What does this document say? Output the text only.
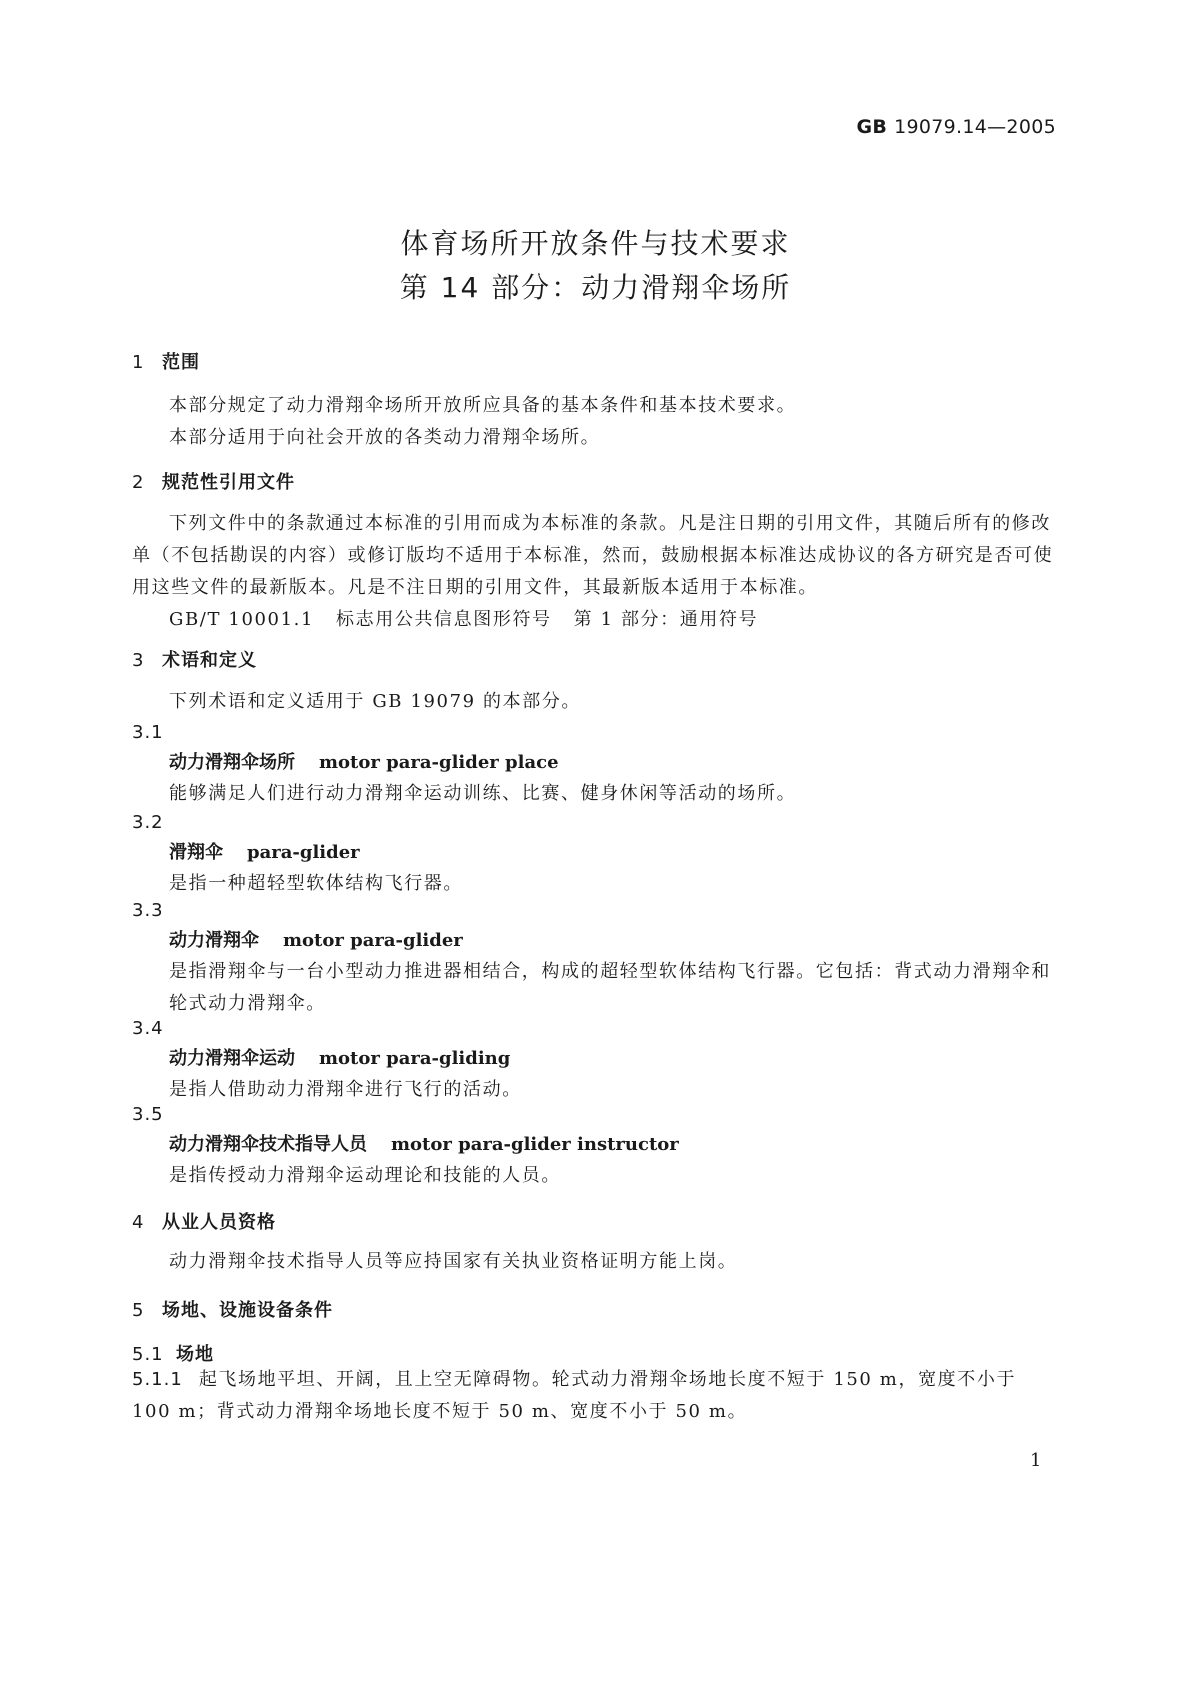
GB 19079.14—2005
体育场所开放条件与技术要求
第 14 部分：动力滑翔伞场所
1 范围
本部分规定了动力滑翔伞场所开放所应具备的基本条件和基本技术要求。
本部分适用于向社会开放的各类动力滑翔伞场所。
2 规范性引用文件
下列文件中的条款通过本标准的引用而成为本标准的条款。凡是注日期的引用文件，其随后所有的修改单（不包括勘误的内容）或修订版均不适用于本标准，然而，鼓励根据本标准达成协议的各方研究是否可使用这些文件的最新版本。凡是不注日期的引用文件，其最新版本适用于本标准。
GB/T 10001.1 标志用公共信息图形符号 第 1 部分：通用符号
3 术语和定义
下列术语和定义适用于 GB 19079 的本部分。
3.1
动力滑翔伞场所 motor para-glider place
能够满足人们进行动力滑翔伞运动训练、比赛、健身休闲等活动的场所。
3.2
滑翔伞 para-glider
是指一种超轻型软体结构飞行器。
3.3
动力滑翔伞 motor para-glider
是指滑翔伞与一台小型动力推进器相结合，构成的超轻型软体结构飞行器。它包括：背式动力滑翔伞和轮式动力滑翔伞。
3.4
动力滑翔伞运动 motor para-gliding
是指人借助动力滑翔伞进行飞行的活动。
3.5
动力滑翔伞技术指导人员 motor para-glider instructor
是指传授动力滑翔伞运动理论和技能的人员。
4 从业人员资格
动力滑翔伞技术指导人员等应持国家有关执业资格证明方能上岗。
5 场地、设施设备条件
5.1 场地
5.1.1 起飞场地平坦、开阔，且上空无障碍物。轮式动力滑翔伞场地长度不短于 150 m，宽度不小于 100 m；背式动力滑翔伞场地长度不短于 50 m、宽度不小于 50 m。
1
